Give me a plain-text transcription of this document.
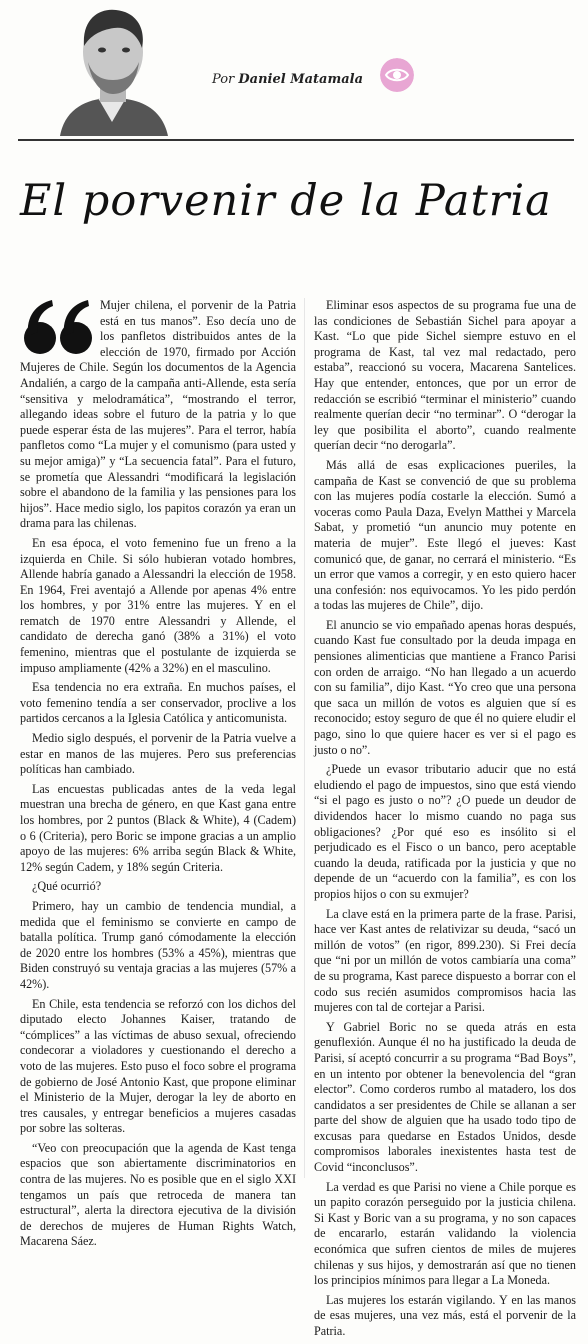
Por Daniel Matamala
El porvenir de la Patria

Mujer chilena, el porvenir de la Patria está en tus manos”. Eso decía uno de los panfletos distribuidos antes de la elección de 1970, firmado por Acción Mujeres de Chile. Según los documentos de la Agencia Andalién, a cargo de la campaña anti-Allende, esta sería “sensitiva y melodramática”, “mostrando el terror, allegando ideas sobre el futuro de la patria y lo que puede esperar ésta de las mujeres”. Para el terror, había panfletos como “La mujer y el comunismo (para usted y su mejor amiga)” y “La secuencia fatal”. Para el futuro, se prometía que Alessandri “modificará la legislación sobre el abandono de la familia y las pensiones para los hijos”. Hace medio siglo, los papitos corazón ya eran un drama para las chilenas.

En esa época, el voto femenino fue un freno a la izquierda en Chile. Si sólo hubieran votado hombres, Allende habría ganado a Alessandri la elección de 1958. En 1964, Frei aventajó a Allende por apenas 4% entre los hombres, y por 31% entre las mujeres. Y en el rematch de 1970 entre Alessandri y Allende, el candidato de derecha ganó (38% a 31%) el voto femenino, mientras que el postulante de izquierda se impuso ampliamente (42% a 32%) en el masculino.

Esa tendencia no era extraña. En muchos países, el voto femenino tendía a ser conservador, proclive a los partidos cercanos a la Iglesia Católica y anticomunista.

Medio siglo después, el porvenir de la Patria vuelve a estar en manos de las mujeres. Pero sus preferencias políticas han cambiado.

Las encuestas publicadas antes de la veda legal muestran una brecha de género, en que Kast gana entre los hombres, por 2 puntos (Black & White), 4 (Cadem) o 6 (Criteria), pero Boric se impone gracias a un amplio apoyo de las mujeres: 6% arriba según Black & White, 12% según Cadem, y 18% según Criteria.

¿Qué ocurrió?

Primero, hay un cambio de tendencia mundial, a medida que el feminismo se convierte en campo de batalla política. Trump ganó cómodamente la elección de 2020 entre los hombres (53% a 45%), mientras que Biden construyó su ventaja gracias a las mujeres (57% a 42%).

En Chile, esta tendencia se reforzó con los dichos del diputado electo Johannes Kaiser, tratando de “cómplices” a las víctimas de abuso sexual, ofreciendo condecorar a violadores y cuestionando el derecho a voto de las mujeres. Esto puso el foco sobre el programa de gobierno de José Antonio Kast, que propone eliminar el Ministerio de la Mujer, derogar la ley de aborto en tres causales, y entregar beneficios a mujeres casadas por sobre las solteras.

“Veo con preocupación que la agenda de Kast tenga espacios que son abiertamente discriminatorios en contra de las mujeres. No es posible que en el siglo XXI tengamos un país que retroceda de manera tan estructural”, alerta la directora ejecutiva de la división de derechos de mujeres de Human Rights Watch, Macarena Sáez.

Eliminar esos aspectos de su programa fue una de las condiciones de Sebastián Sichel para apoyar a Kast. “Lo que pide Sichel siempre estuvo en el programa de Kast, tal vez mal redactado, pero estaba”, reaccionó su vocera, Macarena Santelices. Hay que entender, entonces, que por un error de redacción se escribió “terminar el ministerio” cuando realmente querían decir “no terminar”. O “derogar la ley que posibilita el aborto”, cuando realmente querían decir “no derogarla”.

Más allá de esas explicaciones pueriles, la campaña de Kast se convenció de que su problema con las mujeres podía costarle la elección. Sumó a voceras como Paula Daza, Evelyn Matthei y Marcela Sabat, y prometió “un anuncio muy potente en materia de mujer”. Este llegó el jueves: Kast comunicó que, de ganar, no cerrará el ministerio. “Es un error que vamos a corregir, y en esto quiero hacer una confesión: nos equivocamos. Yo les pido perdón a todas las mujeres de Chile”, dijo.

El anuncio se vio empañado apenas horas después, cuando Kast fue consultado por la deuda impaga en pensiones alimenticias que mantiene a Franco Parisi con orden de arraigo. “No han llegado a un acuerdo con su familia”, dijo Kast. “Yo creo que una persona que saca un millón de votos es alguien que sí es reconocido; estoy seguro de que él no quiere eludir el pago, sino lo que quiere hacer es ver si el pago es justo o no”.

¿Puede un evasor tributario aducir que no está eludiendo el pago de impuestos, sino que está viendo “si el pago es justo o no”? ¿O puede un deudor de dividendos hacer lo mismo cuando no paga sus obligaciones? ¿Por qué eso es insólito si el perjudicado es el Fisco o un banco, pero aceptable cuando la deuda, ratificada por la justicia y que no depende de un “acuerdo con la familia”, es con los propios hijos o con su exmujer?

La clave está en la primera parte de la frase. Parisi, hace ver Kast antes de relativizar su deuda, “sacó un millón de votos” (en rigor, 899.230). Si Frei decía que “ni por un millón de votos cambiaría una coma” de su programa, Kast parece dispuesto a borrar con el codo sus recién asumidos compromisos hacia las mujeres con tal de cortejar a Parisi.

Y Gabriel Boric no se queda atrás en esta genuflexión. Aunque él no ha justificado la deuda de Parisi, sí aceptó concurrir a su programa “Bad Boys”, en un intento por obtener la benevolencia del “gran elector”. Como corderos rumbo al matadero, los dos candidatos a ser presidentes de Chile se allanan a ser parte del show de alguien que ha usado todo tipo de excusas para quedarse en Estados Unidos, desde compromisos laborales inexistentes hasta test de Covid “inconclusos”.

La verdad es que Parisi no viene a Chile porque es un papito corazón perseguido por la justicia chilena. Si Kast y Boric van a su programa, y no son capaces de encararlo, estarán validando la violencia económica que sufren cientos de miles de mujeres chilenas y sus hijos, y demostrarán así que no tienen los principios mínimos para llegar a La Moneda.

Las mujeres los estarán vigilando. Y en las manos de esas mujeres, una vez más, está el porvenir de la Patria.
